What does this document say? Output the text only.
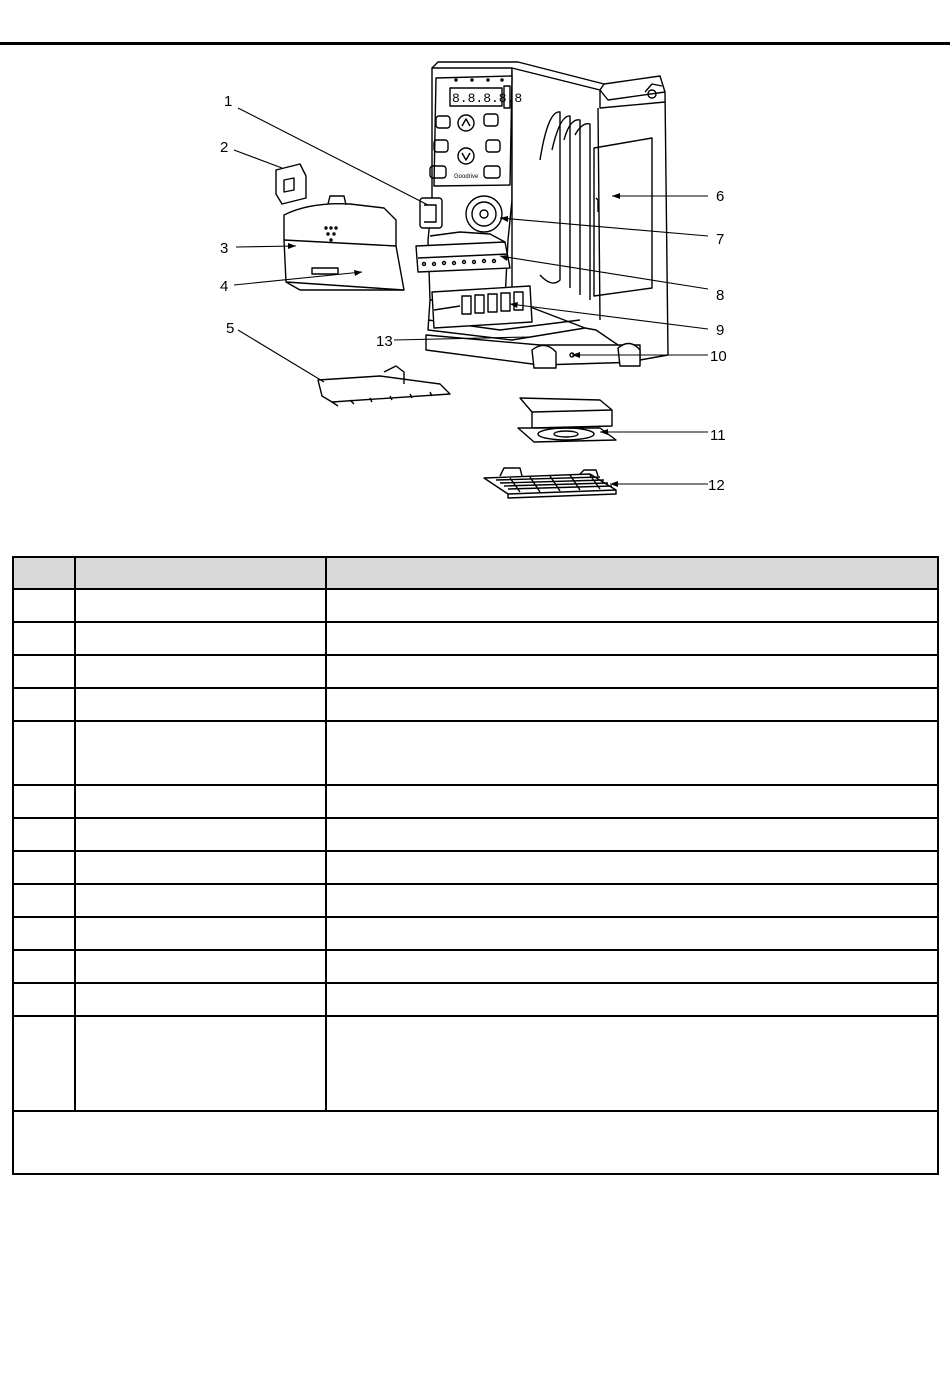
8.8.8.8.8
Goodrive
1
2
3
4
5
6
7
8
9
10
11
12
13
